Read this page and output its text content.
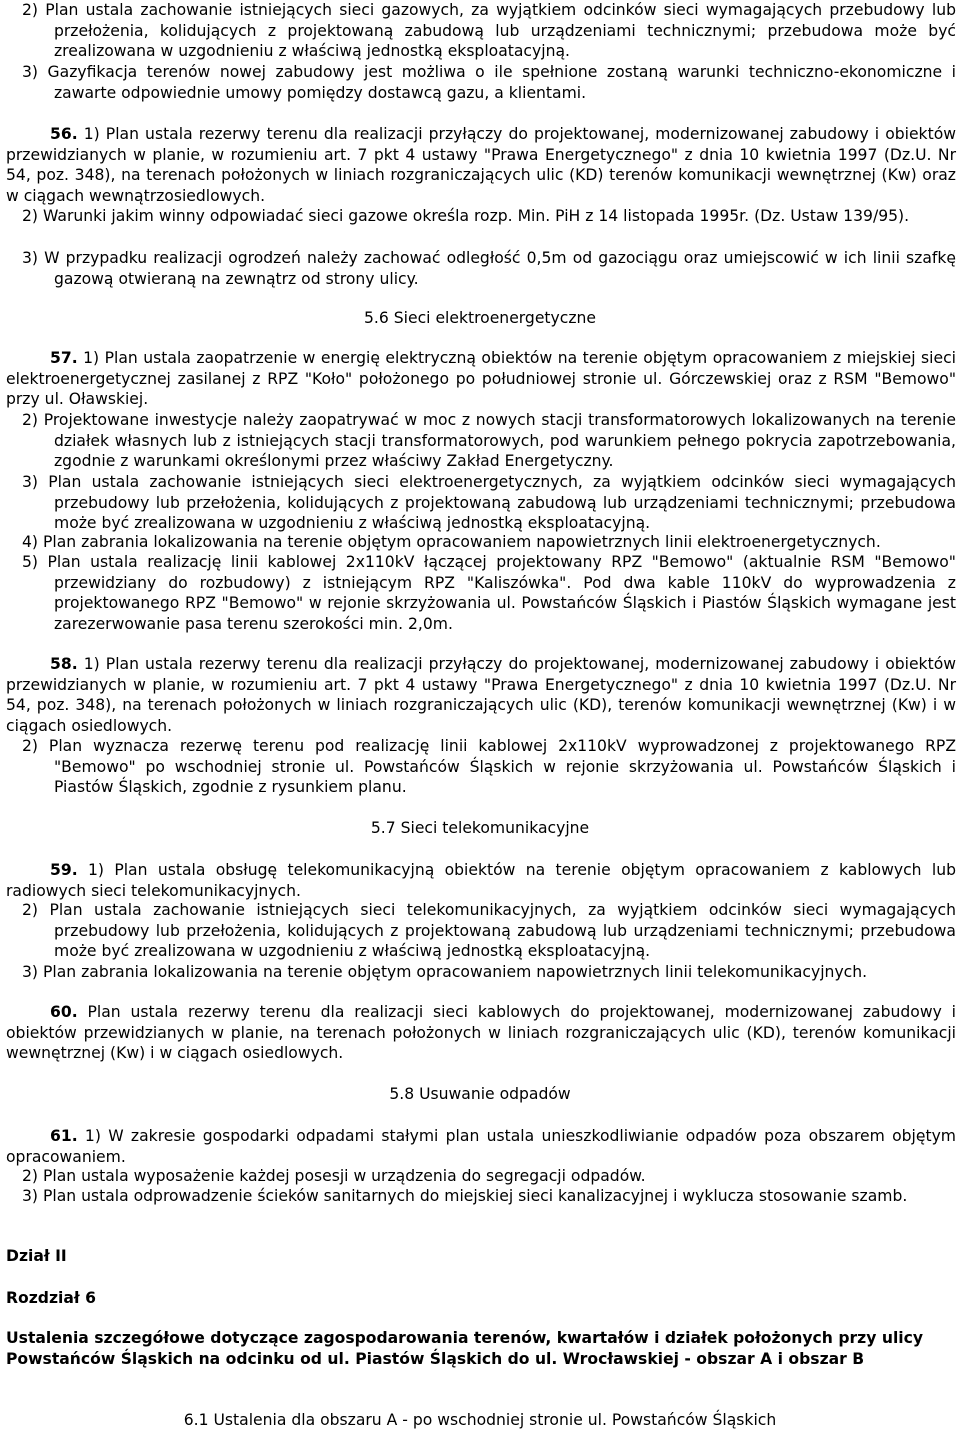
2) Plan ustala zachowanie istniejących sieci gazowych, za wyjątkiem odcinków sieci wymagających przebudowy lub przełożenia, kolidujących z projektowaną zabudową lub urządzeniami technicznymi; przebudowa może być zrealizowana w uzgodnieniu z właściwą jednostką eksploatacyjną.
3) Gazyfikacja terenów nowej zabudowy jest możliwa o ile spełnione zostaną warunki techniczno-ekonomiczne i zawarte odpowiednie umowy pomiędzy dostawcą gazu, a klientami.
56. 1) Plan ustala rezerwy terenu dla realizacji przyłączy do projektowanej, modernizowanej zabudowy i obiektów przewidzianych w planie, w rozumieniu art. 7 pkt 4 ustawy "Prawa Energetycznego" z dnia 10 kwietnia 1997 (Dz.U. Nr 54, poz. 348), na terenach położonych w liniach rozgraniczających ulic (KD) terenów komunikacji wewnętrznej (Kw) oraz w ciągach wewnątrzosiedlowych.
2) Warunki jakim winny odpowiadać sieci gazowe określa rozp. Min. PiH z 14 listopada 1995r. (Dz. Ustaw 139/95).
3) W przypadku realizacji ogrodzeń należy zachować odległość 0,5m od gazociągu oraz umiejscowić w ich linii szafkę gazową otwieraną na zewnątrz od strony ulicy.
5.6 Sieci elektroenergetyczne
57. 1) Plan ustala zaopatrzenie w energię elektryczną obiektów na terenie objętym opracowaniem z miejskiej sieci elektroenergetycznej zasilanej z RPZ "Koło" położonego po południowej stronie ul. Górczewskiej oraz z RSM "Bemowo" przy ul. Oławskiej.
2) Projektowane inwestycje należy zaopatrywać w moc z nowych stacji transformatorowych lokalizowanych na terenie działek własnych lub z istniejących stacji transformatorowych, pod warunkiem pełnego pokrycia zapotrzebowania, zgodnie z warunkami określonymi przez właściwy Zakład Energetyczny.
3) Plan ustala zachowanie istniejących sieci elektroenergetycznych, za wyjątkiem odcinków sieci wymagających przebudowy lub przełożenia, kolidujących z projektowaną zabudową lub urządzeniami technicznymi; przebudowa może być zrealizowana w uzgodnieniu z właściwą jednostką eksploatacyjną.
4) Plan zabrania lokalizowania na terenie objętym opracowaniem napowietrznych linii elektroenergetycznych.
5) Plan ustala realizację linii kablowej 2x110kV łączącej projektowany RPZ "Bemowo" (aktualnie RSM "Bemowo" przewidziany do rozbudowy) z istniejącym RPZ "Kaliszówka". Pod dwa kable 110kV do wyprowadzenia z projektowanego RPZ "Bemowo" w rejonie skrzyżowania ul. Powstańców Śląskich i Piastów Śląskich wymagane jest zarezerwowanie pasa terenu szerokości min. 2,0m.
58. 1) Plan ustala rezerwy terenu dla realizacji przyłączy do projektowanej, modernizowanej zabudowy i obiektów przewidzianych w planie, w rozumieniu art. 7 pkt 4 ustawy "Prawa Energetycznego" z dnia 10 kwietnia 1997 (Dz.U. Nr 54, poz. 348), na terenach położonych w liniach rozgraniczających ulic (KD), terenów komunikacji wewnętrznej (Kw) i w ciągach osiedlowych.
2) Plan wyznacza rezerwę terenu pod realizację linii kablowej 2x110kV wyprowadzonej z projektowanego RPZ "Bemowo" po wschodniej stronie ul. Powstańców Śląskich w rejonie skrzyżowania ul. Powstańców Śląskich i Piastów Śląskich, zgodnie z rysunkiem planu.
5.7 Sieci telekomunikacyjne
59. 1) Plan ustala obsługę telekomunikacyjną obiektów na terenie objętym opracowaniem z kablowych lub radiowych sieci telekomunikacyjnych.
2) Plan ustala zachowanie istniejących sieci telekomunikacyjnych, za wyjątkiem odcinków sieci wymagających przebudowy lub przełożenia, kolidujących z projektowaną zabudową lub urządzeniami technicznymi; przebudowa może być zrealizowana w uzgodnieniu z właściwą jednostką eksploatacyjną.
3) Plan zabrania lokalizowania na terenie objętym opracowaniem napowietrznych linii telekomunikacyjnych.
60. Plan ustala rezerwy terenu dla realizacji sieci kablowych do projektowanej, modernizowanej zabudowy i obiektów przewidzianych w planie, na terenach położonych w liniach rozgraniczających ulic (KD), terenów komunikacji wewnętrznej (Kw) i w ciągach osiedlowych.
5.8 Usuwanie odpadów
61. 1) W zakresie gospodarki odpadami stałymi plan ustala unieszkodliwianie odpadów poza obszarem objętym opracowaniem.
2) Plan ustala wyposażenie każdej posesji w urządzenia do segregacji odpadów.
3) Plan ustala odprowadzenie ścieków sanitarnych do miejskiej sieci kanalizacyjnej i wyklucza stosowanie szamb.
Dział II
Rozdział 6
Ustalenia szczegółowe dotyczące zagospodarowania terenów, kwartałów i działek położonych przy ulicy Powstańców Śląskich na odcinku od ul. Piastów Śląskich do ul. Wrocławskiej - obszar A i obszar B
6.1 Ustalenia dla obszaru A - po wschodniej stronie ul. Powstańców Śląskich
